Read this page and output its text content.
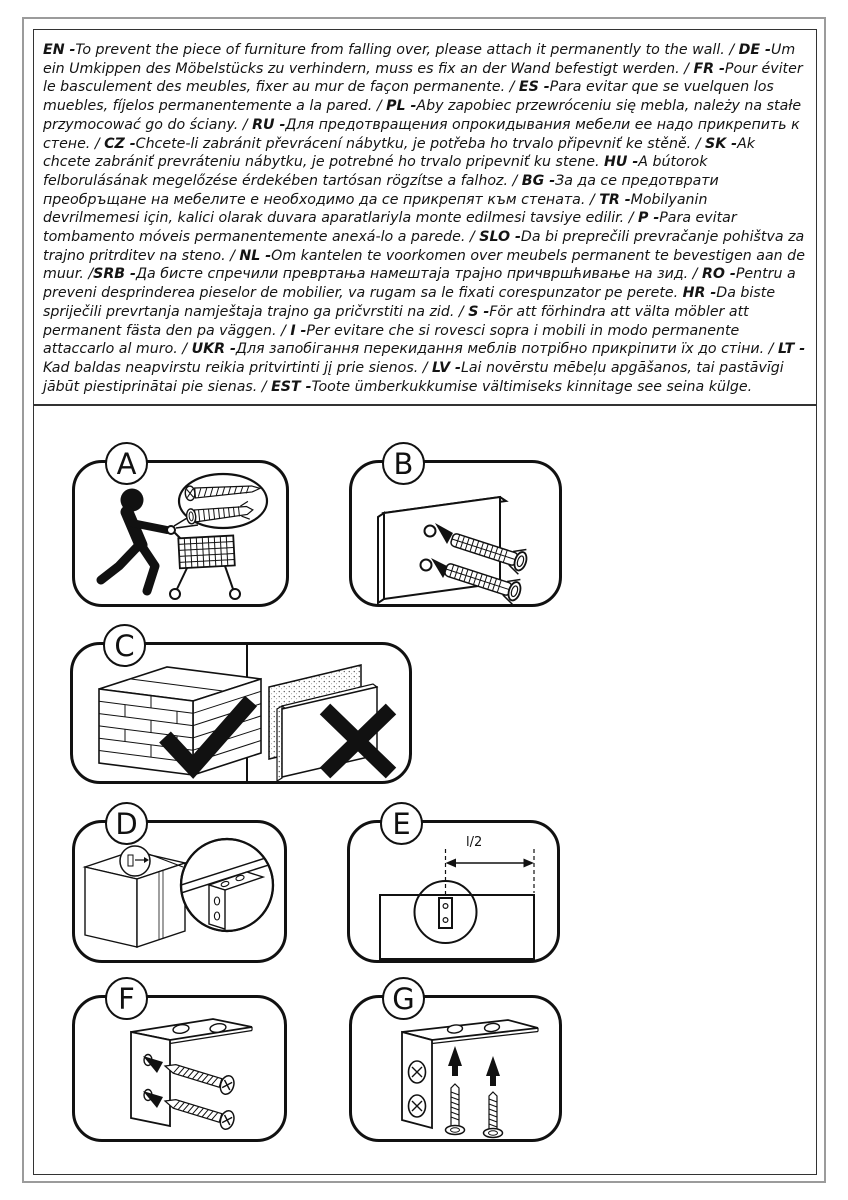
EN -To prevent the piece of furniture from falling over, please attach it permanently to the wall. / DE -Um ein Umkippen des Möbelstücks zu verhindern, muss es fix an der Wand befestigt werden. / FR -Pour éviter le basculement des meubles, fixer au mur de façon permanente. / ES -Para evitar que se vuelquen los muebles, fíjelos permanentemente a la pared. / PL -Aby zapobiec przewróceniu się mebla, należy na stałe przymocować go do ściany. / RU -Для предотвращения опрокидывания мебели ее надо прикрепить к стене. / CZ -Chcete-li zabránit převrácení nábytku, je potřeba ho trvalo připevniť ke stěně. / SK -Ak chcete zabrániť prevráteniu nábytku, je potrebné ho trvalo pripevniť ku stene. HU -A bútorok felborulásának megelőzése érdekében tartósan rögzítse a falhoz. / BG -За да се предотврати преобръщане на мебелите е необходимо да се прикрепят към стената. / TR -Mobilyanin devrilmemesi için, kalici olarak duvara aparatlariyla monte edilmesi tavsiye edilir. / P -Para evitar tombamento móveis permanentemente anexá-lo a parede. / SLO -Da bi preprečili prevračanje pohištva za trajno pritrditev na steno. / NL -Om kantelen te voorkomen over meubels permanent te bevestigen aan de muur. /SRB -Да бисте спречили превртања намештаја трајно причвршћивање на зид. / RO -Pentru a preveni desprinderea pieselor de mobilier, va rugam sa le fixati corespunzator pe perete. HR -Da biste spriječili prevrtanja namještaja trajno ga pričvrstiti na zid. / S -För att förhindra att välta möbler att permanent fästa den pa väggen. / I -Per evitare che si rovesci sopra i mobili in modo permanente attaccarlo al muro. / UKR -Для запобігання перекидання меблів потрібно прикріпити їх до стіни. / LT -Kad baldas neapvirstu reikia pritvirtinti jį prie sienos. / LV -Lai novērstu mēbeļu apgāšanos, tai pastāvīgi jābūt piestiprinātai pie sienas. / EST -Toote ümberkukkumise vältimiseks kinnitage see seina külge.

A	B
C
D	E
l/2
F	G
